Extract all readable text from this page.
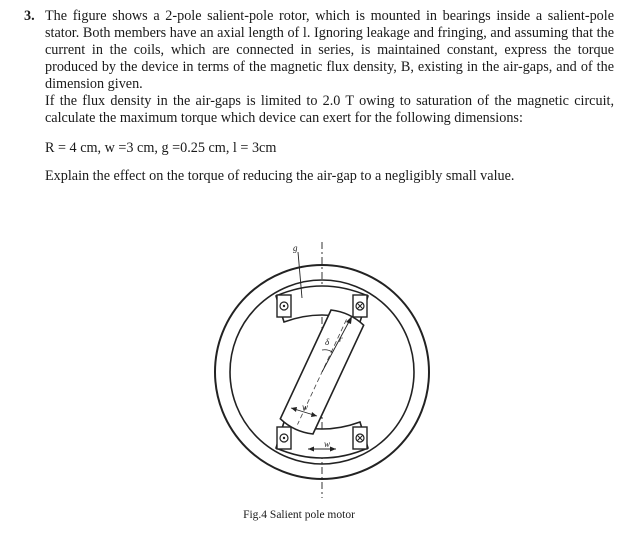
3. The figure shows a 2-pole salient-pole rotor, which is mounted in bearings inside a salient-pole stator. Both members have an axial length of l. Ignoring leakage and fringing, and assuming that the current in the coils, which are connected in series, is maintained constant, express the torque produced by the device in terms of the magnetic flux density, B, existing in the air-gaps, and of the dimension given.

If the flux density in the air-gaps is limited to 2.0 T owing to saturation of the magnetic circuit, calculate the maximum torque which device can exert for the following dimensions:

R = 4 cm, w =3 cm, g =0.25 cm, l = 3cm

Explain the effect on the torque of reducing the air-gap to a negligibly small value.

g
r
δ
w
w
Fig.4 Salient pole motor
